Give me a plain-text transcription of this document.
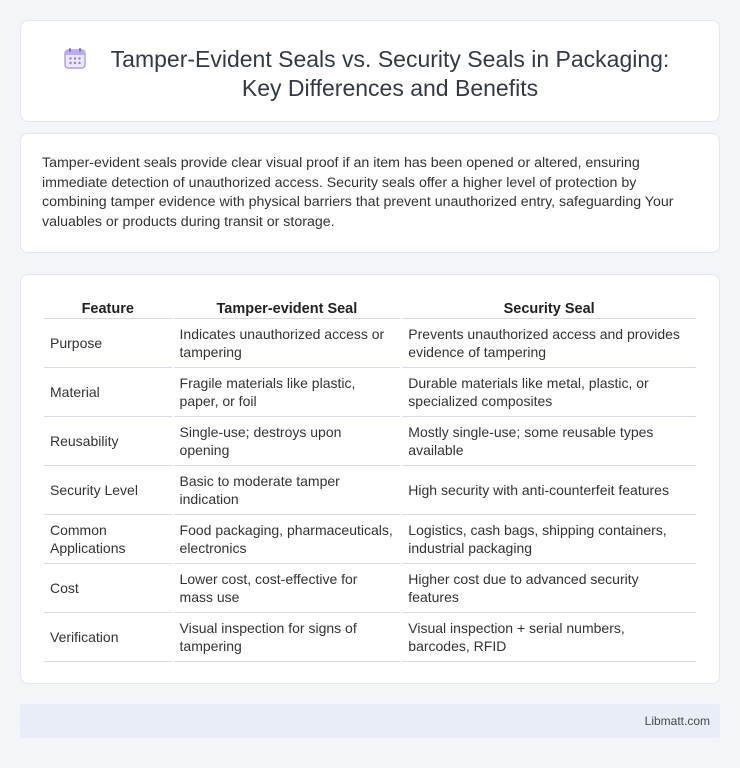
Tamper-Evident Seals vs. Security Seals in Packaging: Key Differences and Benefits

Tamper-evident seals provide clear visual proof if an item has been opened or altered, ensuring immediate detection of unauthorized access. Security seals offer a higher level of protection by combining tamper evidence with physical barriers that prevent unauthorized entry, safeguarding Your valuables or products during transit or storage.

Feature	Tamper-evident Seal	Security Seal
Purpose	Indicates unauthorized access or tampering	Prevents unauthorized access and provides evidence of tampering
Material	Fragile materials like plastic, paper, or foil	Durable materials like metal, plastic, or specialized composites
Reusability	Single-use; destroys upon opening	Mostly single-use; some reusable types available
Security Level	Basic to moderate tamper indication	High security with anti-counterfeit features
Common Applications	Food packaging, pharmaceuticals, electronics	Logistics, cash bags, shipping containers, industrial packaging
Cost	Lower cost, cost-effective for mass use	Higher cost due to advanced security features
Verification	Visual inspection for signs of tampering	Visual inspection + serial numbers, barcodes, RFID
Libmatt.com
